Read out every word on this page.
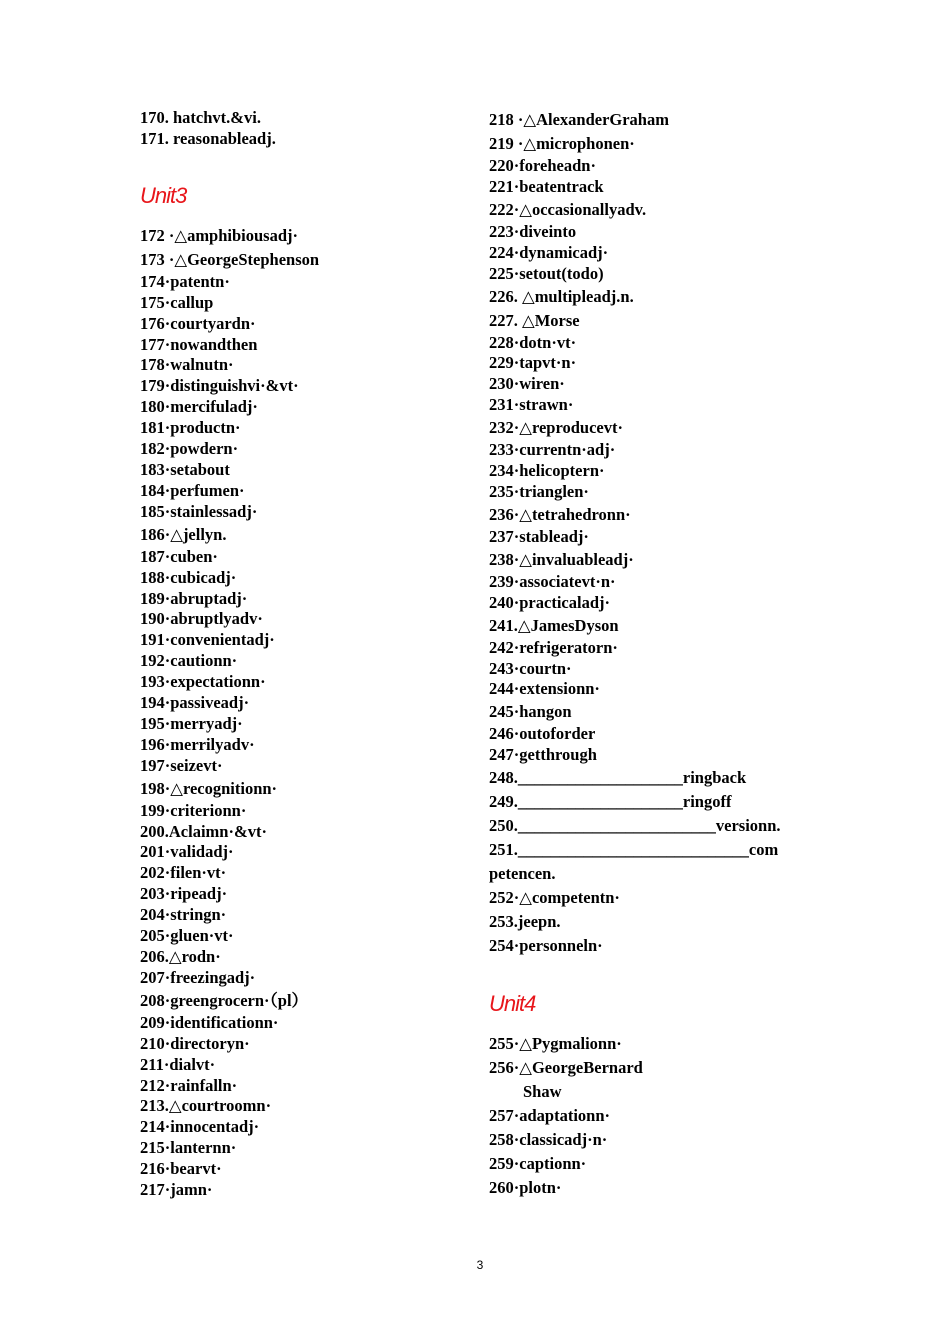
170. hatchvt.&vi.
171. reasonableadj.
Unit3
172 ·△amphibiousadj·
173 ·△GeorgeStephenson
174·patentn·
175·callup
176·courtyardn·
177·nowandthen
178·walnutn·
179·distinguishvi·&vt·
180·mercifuladj·
181·productn·
182·powdern·
183·setabout
184·perfumen·
185·stainlessadj·
186·△jellyn.
187·cuben·
188·cubicadj·
189·abruptadj·
190·abruptlyadv·
191·convenientadj·
192·cautionn·
193·expectationn·
194·passiveadj·
195·merryadj·
196·merrilyadv·
197·seizevt·
198·△recognitionn·
199·criterionn·
200.Aclaimn·&vt·
201·validadj·
202·filen·vt·
203·ripeadj·
204·stringn·
205·gluen·vt·
206.△rodn·
207·freezingadj·
208·greengrocern·（pl）
209·identificationn·
210·directoryn·
211·dialvt·
212·rainfalln·
213.△courtroomn·
214·innocentadj·
215·lanternn·
216·bearvt·
217·jamn·
218 ·△AlexanderGraham
219 ·△microphonen·
220·foreheadn·
221·beatentrack
222·△occasionallyadv.
223·diveinto
224·dynamicadj·
225·setout(todo)
226. △multipleadj.n.
227. △Morse
228·dotn·vt·
229·tapvt·n·
230·wiren·
231·strawn·
232·△reproducevt·
233·currentn·adj·
234·helicoptern·
235·trianglen·
236·△tetrahedronn·
237·stableadj·
238·△invaluableadj·
239·associatevt·n·
240·practicaladj·
241.△JamesDyson
242·refrigeratorn·
243·courtn·
244·extensionn·
245·hangon
246·outoforder
247·getthrough
248.____________________ringback
249.____________________ringoff
250.________________________versionn.
251.____________________________com petencen.
252·△competentn·
253.jeepn.
254·personneln·
Unit4
255·△Pygmalionn·
256·△GeorgeBernard
Shaw
257·adaptationn·
258·classicadj·n·
259·captionn·
260·plotn·
3
